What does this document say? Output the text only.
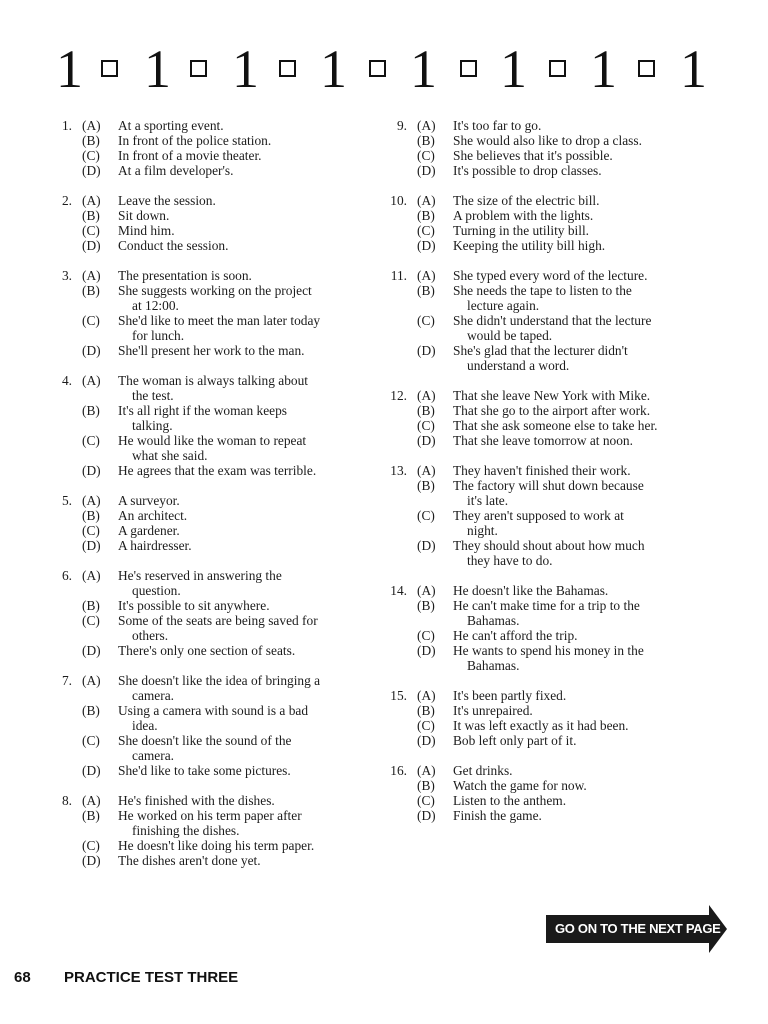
1 1 1 1 1 1 1 1
1. (A)	At a sporting event.
(B)	In front of the police station.
(C)	In front of a movie theater.
(D)	At a film developer's.
2. (A)	Leave the session.
(B)	Sit down.
(C)	Mind him.
(D)	Conduct the session.
3. (A)	The presentation is soon.
(B)	She suggests working on the project
at 12:00.
(C)	She'd like to meet the man later today
for lunch.
(D)	She'll present her work to the man.
4. (A)	The woman is always talking about
the test.
(B)	It's all right if the woman keeps
talking.
(C)	He would like the woman to repeat
what she said.
(D)	He agrees that the exam was terrible.
5. (A)	A surveyor.
(B)	An architect.
(C)	A gardener.
(D)	A hairdresser.
6. (A)	He's reserved in answering the
question.
(B)	It's possible to sit anywhere.
(C)	Some of the seats are being saved for
others.
(D)	There's only one section of seats.
7. (A)	She doesn't like the idea of bringing a
camera.
(B)	Using a camera with sound is a bad
idea.
(C)	She doesn't like the sound of the
camera.
(D)	She'd like to take some pictures.
8. (A)	He's finished with the dishes.
(B)	He worked on his term paper after
finishing the dishes.
(C)	He doesn't like doing his term paper.
(D)	The dishes aren't done yet.
9. (A)	It's too far to go.
(B)	She would also like to drop a class.
(C)	She believes that it's possible.
(D)	It's possible to drop classes.
10. (A)	The size of the electric bill.
(B)	A problem with the lights.
(C)	Turning in the utility bill.
(D)	Keeping the utility bill high.
11. (A)	She typed every word of the lecture.
(B)	She needs the tape to listen to the
lecture again.
(C)	She didn't understand that the lecture
would be taped.
(D)	She's glad that the lecturer didn't
understand a word.
12. (A)	That she leave New York with Mike.
(B)	That she go to the airport after work.
(C)	That she ask someone else to take her.
(D)	That she leave tomorrow at noon.
13. (A)	They haven't finished their work.
(B)	The factory will shut down because
it's late.
(C)	They aren't supposed to work at
night.
(D)	They should shout about how much
they have to do.
14. (A)	He doesn't like the Bahamas.
(B)	He can't make time for a trip to the
Bahamas.
(C)	He can't afford the trip.
(D)	He wants to spend his money in the
Bahamas.
15. (A)	It's been partly fixed.
(B)	It's unrepaired.
(C)	It was left exactly as it had been.
(D)	Bob left only part of it.
16. (A)	Get drinks.
(B)	Watch the game for now.
(C)	Listen to the anthem.
(D)	Finish the game.
GO ON TO THE NEXT PAGE
68 PRACTICE TEST THREE
